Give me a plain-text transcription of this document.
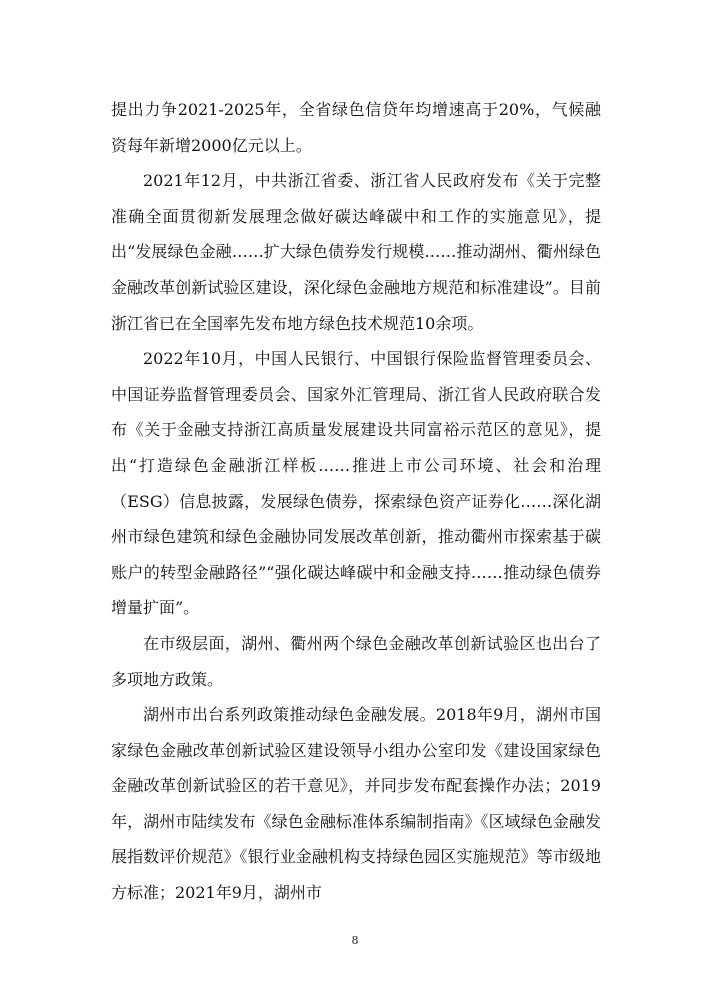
提出力争2021-2025年，全省绿色信贷年均增速高于20%，气候融资每年新增2000亿元以上。

2021年12月，中共浙江省委、浙江省人民政府发布《关于完整准确全面贯彻新发展理念做好碳达峰碳中和工作的实施意见》，提出“发展绿色金融……扩大绿色债券发行规模……推动湖州、衢州绿色金融改革创新试验区建设，深化绿色金融地方规范和标准建设”。目前浙江省已在全国率先发布地方绿色技术规范10余项。

2022年10月，中国人民银行、中国银行保险监督管理委员会、中国证券监督管理委员会、国家外汇管理局、浙江省人民政府联合发布《关于金融支持浙江高质量发展建设共同富裕示范区的意见》，提出“打造绿色金融浙江样板……推进上市公司环境、社会和治理（ESG）信息披露，发展绿色债券，探索绿色资产证券化……深化湖州市绿色建筑和绿色金融协同发展改革创新，推动衢州市探索基于碳账户的转型金融路径”“强化碳达峰碳中和金融支持……推动绿色债券增量扩面”。

在市级层面，湖州、衢州两个绿色金融改革创新试验区也出台了多项地方政策。

湖州市出台系列政策推动绿色金融发展。2018年9月，湖州市国家绿色金融改革创新试验区建设领导小组办公室印发《建设国家绿色金融改革创新试验区的若干意见》，并同步发布配套操作办法；2019年，湖州市陆续发布《绿色金融标准体系编制指南》《区域绿色金融发展指数评价规范》《银行业金融机构支持绿色园区实施规范》等市级地方标准；2021年9月，湖州市

8
